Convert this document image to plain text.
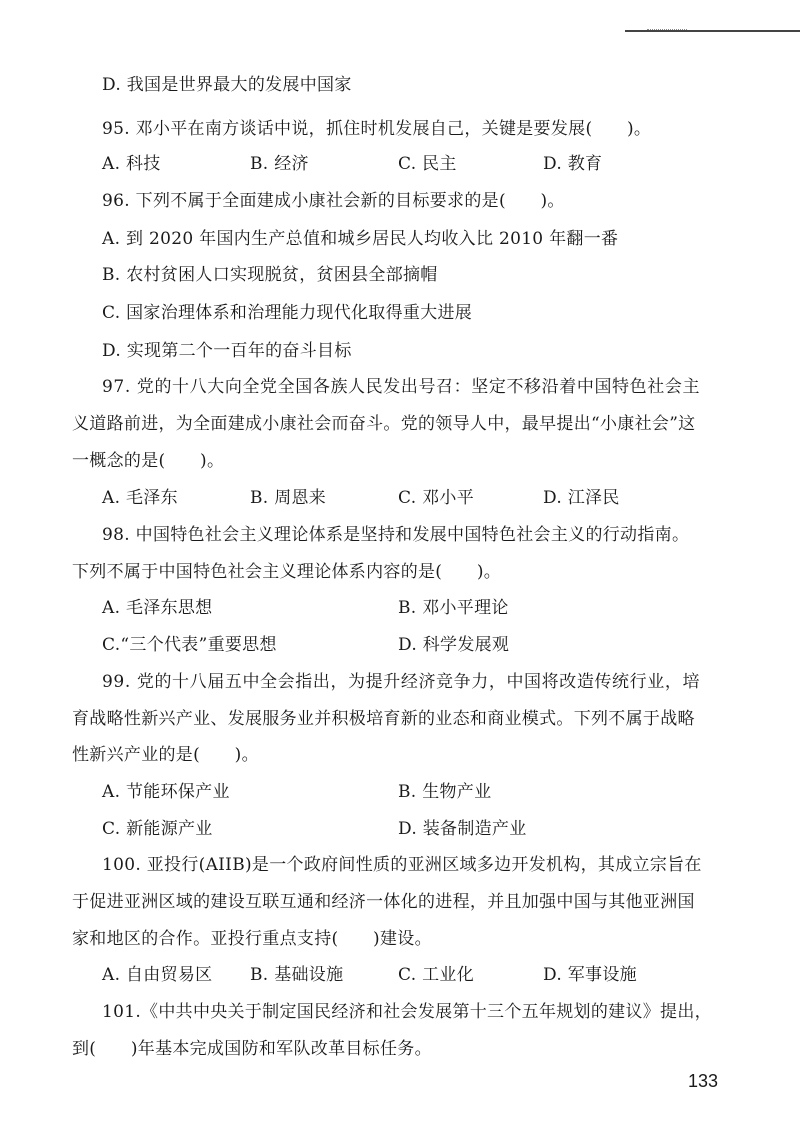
D. 我国是世界最大的发展中国家
95. 邓小平在南方谈话中说，抓住时机发展自己，关键是要发展(　　)。
A. 科技	B. 经济	C. 民主	D. 教育
96. 下列不属于全面建成小康社会新的目标要求的是(　　)。
A. 到 2020 年国内生产总值和城乡居民人均收入比 2010 年翻一番
B. 农村贫困人口实现脱贫，贫困县全部摘帽
C. 国家治理体系和治理能力现代化取得重大进展
D. 实现第二个一百年的奋斗目标
97. 党的十八大向全党全国各族人民发出号召：坚定不移沿着中国特色社会主
义道路前进，为全面建成小康社会而奋斗。党的领导人中，最早提出“小康社会”这
一概念的是(　　)。
A. 毛泽东	B. 周恩来	C. 邓小平	D. 江泽民
98. 中国特色社会主义理论体系是坚持和发展中国特色社会主义的行动指南。
下列不属于中国特色社会主义理论体系内容的是(　　)。
A. 毛泽东思想	B. 邓小平理论
C.“三个代表”重要思想	D. 科学发展观
99. 党的十八届五中全会指出，为提升经济竞争力，中国将改造传统行业，培
育战略性新兴产业、发展服务业并积极培育新的业态和商业模式。下列不属于战略
性新兴产业的是(　　)。
A. 节能环保产业	B. 生物产业
C. 新能源产业	D. 装备制造产业
100. 亚投行(AIIB)是一个政府间性质的亚洲区域多边开发机构，其成立宗旨在
于促进亚洲区域的建设互联互通和经济一体化的进程，并且加强中国与其他亚洲国
家和地区的合作。亚投行重点支持(　　)建设。
A. 自由贸易区 B. 基础设施	C. 工业化	D. 军事设施
101.《中共中央关于制定国民经济和社会发展第十三个五年规划的建议》提出，
到(　　)年基本完成国防和军队改革目标任务。
133
